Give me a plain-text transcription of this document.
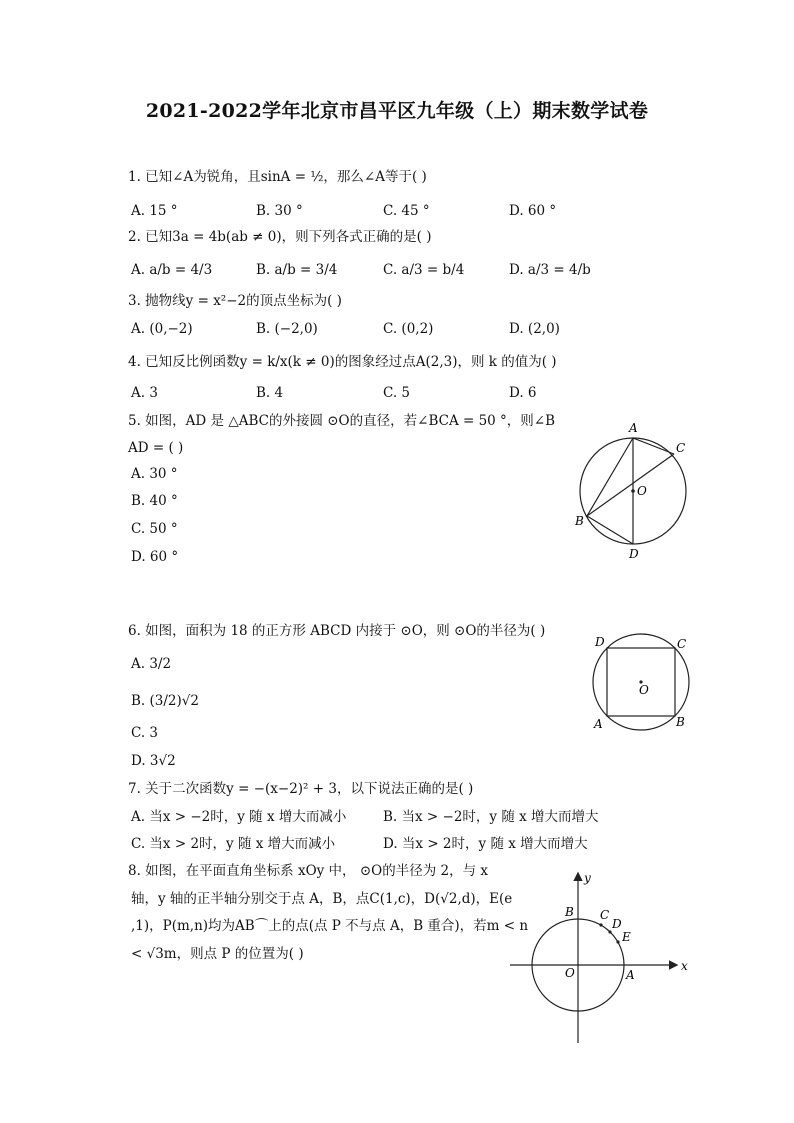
2021-2022学年北京市昌平区九年级（上）期末数学试卷
1. 已知∠A为锐角，且sinA = ½，那么∠A等于( )
A. 15 °	B. 30 °	C. 45 °	D. 60 °
2. 已知3a = 4b(ab ≠ 0)，则下列各式正确的是( )
A. a/b = 4/3	B. a/b = 3/4	C. a/3 = b/4	D. a/3 = 4/b
3. 抛物线y = x²−2的顶点坐标为( )
A. (0,−2)	B. (−2,0)	C. (0,2)	D. (2,0)
4. 已知反比例函数y = k/x(k ≠ 0)的图象经过点A(2,3)，则 k 的值为( )
A. 3	B. 4	C. 5	D. 6
5. 如图，AD 是 △ABC的外接圆 ⊙O的直径，若∠BCA = 50 °，则∠B
AD = ( )
A. 30 °
B. 40 °
C. 50 °
D. 60 °
A
C
O
B
D
6. 如图，面积为 18 的正方形 ABCD 内接于 ⊙O，则 ⊙O的半径为( )
A. 3/2
B. (3/2)√2
C. 3
D. 3√2
D	C
O
A	B
7. 关于二次函数y = −(x−2)² + 3，以下说法正确的是( )
A. 当x > −2时，y 随 x 增大而减小	B. 当x > −2时，y 随 x 增大而增大
C. 当x > 2时，y 随 x 增大而减小	D. 当x > 2时，y 随 x 增大而增大
8. 如图，在平面直角坐标系 xOy 中， ⊙O的半径为 2，与 x
轴，y 轴的正半轴分别交于点 A，B，点C(1,c)，D(√2,d)，E(e
,1)，P(m,n)均为AB⌒上的点(点 P 不与点 A，B 重合)，若m < n
< √3m，则点 P 的位置为( )
y
B C
D
E
O	A
x
